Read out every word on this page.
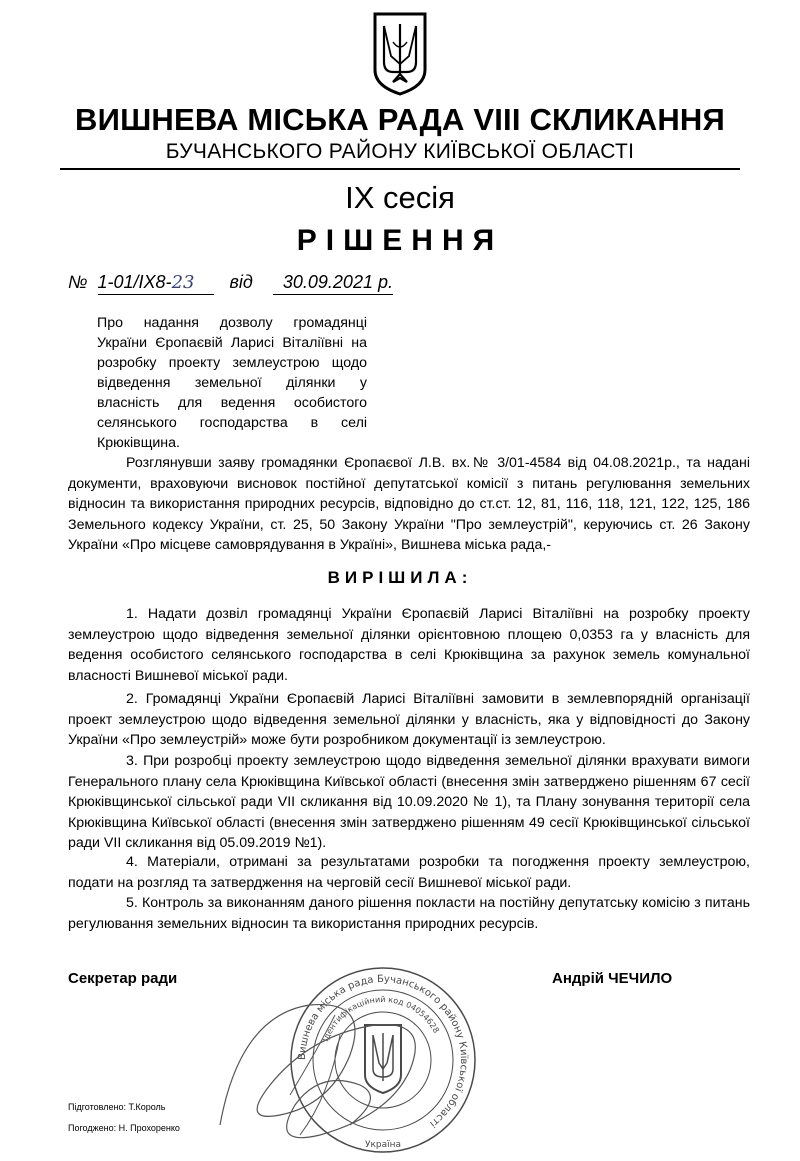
ВИШНЕВА МІСЬКА РАДА VIII СКЛИКАННЯ
БУЧАНСЬКОГО РАЙОНУ КИЇВСЬКОЇ ОБЛАСТІ
IX сесія
РІШЕННЯ
№ 1-01/IX8-23 від 30.09.2021 р.
Про надання дозволу громадянці України Єропаєвій Ларисі Віталіївні на розробку проекту землеустрою щодо відведення земельної ділянки у власність для ведення особистого селянського господарства в селі Крюківщина.
Розглянувши заяву громадянки Єропаєвої Л.В. вх.№ 3/01-4584 від 04.08.2021р., та надані документи, враховуючи висновок постійної депутатської комісії з питань регулювання земельних відносин та використання природних ресурсів, відповідно до ст.ст. 12, 81, 116, 118, 121, 122, 125, 186 Земельного кодексу України, ст. 25, 50 Закону України "Про землеустрій", керуючись ст. 26 Закону України «Про місцеве самоврядування в Україні», Вишнева міська рада,-
ВИРІШИЛА:
1. Надати дозвіл громадянці України Єропаєвій Ларисі Віталіївні на розробку проекту землеустрою щодо відведення земельної ділянки орієнтовною площею 0,0353 га у власність для ведення особистого селянського господарства в селі Крюківщина за рахунок земель комунальної власності Вишневої міської ради.
2. Громадянці України Єропаєвій Ларисі Віталіївні замовити в землевпорядній організації проект землеустрою щодо відведення земельної ділянки у власність, яка у відповідності до Закону України «Про землеустрій» може бути розробником документації із землеустрою.
3. При розробці проекту землеустрою щодо відведення земельної ділянки врахувати вимоги Генерального плану села Крюківщина Київської області (внесення змін затверджено рішенням 67 сесії Крюківщинської сільської ради VII скликання від 10.09.2020 № 1), та Плану зонування території села Крюківщина Київської області (внесення змін затверджено рішенням 49 сесії Крюківщинської сільської ради VII скликання від 05.09.2019 №1).
4. Матеріали, отримані за результатами розробки та погодження проекту землеустрою, подати на розгляд та затвердження на черговій сесії Вишневої міської ради.
5. Контроль за виконанням даного рішення покласти на постійну депутатську комісію з питань регулювання земельних відносин та використання природних ресурсів.
Секретар ради	Андрій ЧЕЧИЛО
Вишнева міська рада Бучанського району Київської області
Ідентифікаційний код 04054628
Україна
Підготовлено: Т.Король
Погоджено: Н. Прохоренко
